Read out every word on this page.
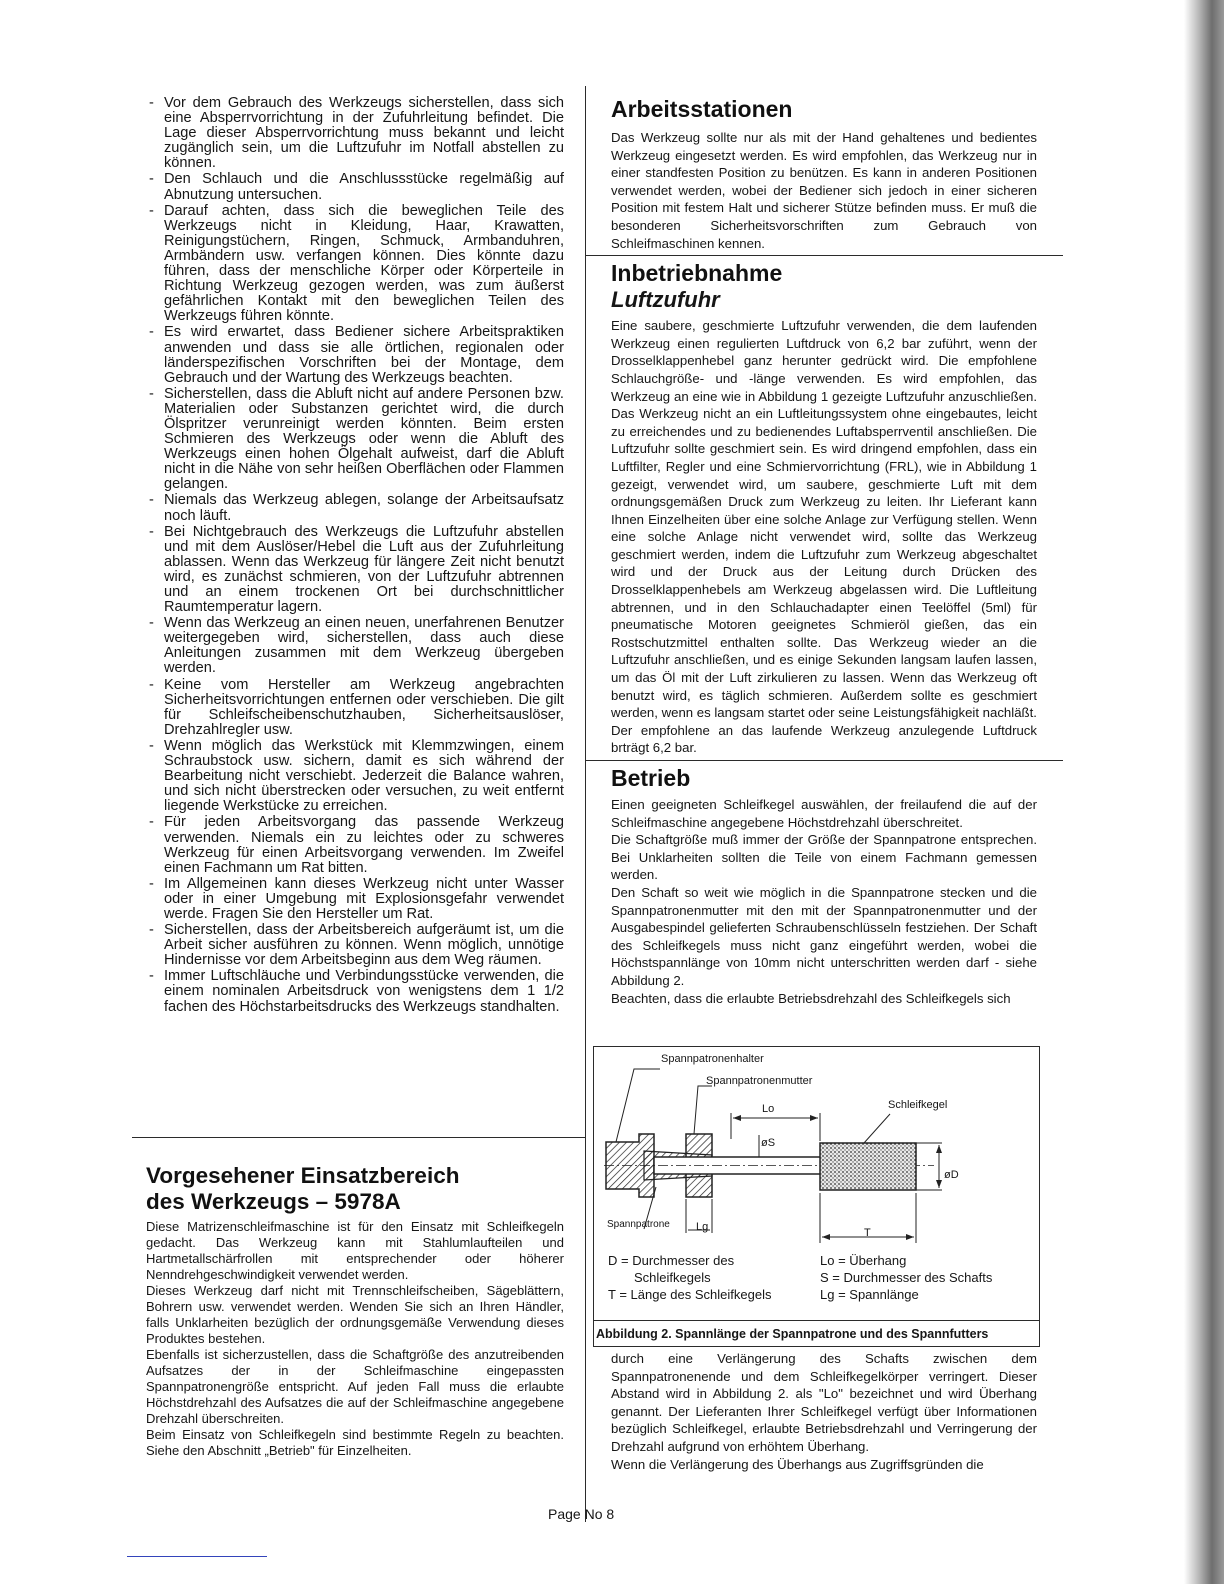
- Vor dem Gebrauch des Werkzeugs sicherstellen, dass sich eine Absperrvorrichtung in der Zufuhrleitung befindet. Die Lage dieser Absperrvorrichtung muss bekannt und leicht zugänglich sein, um die Luftzufuhr im Notfall abstellen zu können.
- Den Schlauch und die Anschlussstücke regelmäßig auf Abnutzung untersuchen.
- Darauf achten, dass sich die beweglichen Teile des Werkzeugs nicht in Kleidung, Haar, Krawatten, Reinigungstüchern, Ringen, Schmuck, Armbanduhren, Armbändern usw. verfangen können. Dies könnte dazu führen, dass der menschliche Körper oder Körperteile in Richtung Werkzeug gezogen werden, was zum äußerst gefährlichen Kontakt mit den beweglichen Teilen des Werkzeugs führen könnte.
- Es wird erwartet, dass Bediener sichere Arbeitspraktiken anwenden und dass sie alle örtlichen, regionalen oder länderspezifischen Vorschriften bei der Montage, dem Gebrauch und der Wartung des Werkzeugs beachten.
- Sicherstellen, dass die Abluft nicht auf andere Personen bzw. Materialien oder Substanzen gerichtet wird, die durch Ölspritzer verunreinigt werden könnten. Beim ersten Schmieren des Werkzeugs oder wenn die Abluft des Werkzeugs einen hohen Ölgehalt aufweist, darf die Abluft nicht in die Nähe von sehr heißen Oberflächen oder Flammen gelangen.
- Niemals das Werkzeug ablegen, solange der Arbeitsaufsatz noch läuft.
- Bei Nichtgebrauch des Werkzeugs die Luftzufuhr abstellen und mit dem Auslöser/Hebel die Luft aus der Zufuhrleitung ablassen. Wenn das Werkzeug für längere Zeit nicht benutzt wird, es zunächst schmieren, von der Luftzufuhr abtrennen und an einem trockenen Ort bei durchschnittlicher Raumtemperatur lagern.
- Wenn das Werkzeug an einen neuen, unerfahrenen Benutzer weitergegeben wird, sicherstellen, dass auch diese Anleitungen zusammen mit dem Werkzeug übergeben werden.
- Keine vom Hersteller am Werkzeug angebrachten Sicherheitsvorrichtungen entfernen oder verschieben. Die gilt für Schleifscheibenschutzhauben, Sicherheitsauslöser, Drehzahlregler usw.
- Wenn möglich das Werkstück mit Klemmzwingen, einem Schraubstock usw. sichern, damit es sich während der Bearbeitung nicht verschiebt. Jederzeit die Balance wahren, und sich nicht überstrecken oder versuchen, zu weit entfernt liegende Werkstücke zu erreichen.
- Für jeden Arbeitsvorgang das passende Werkzeug verwenden. Niemals ein zu leichtes oder zu schweres Werkzeug für einen Arbeitsvorgang verwenden. Im Zweifel einen Fachmann um Rat bitten.
- Im Allgemeinen kann dieses Werkzeug nicht unter Wasser oder in einer Umgebung mit Explosionsgefahr verwendet werde. Fragen Sie den Hersteller um Rat.
- Sicherstellen, dass der Arbeitsbereich aufgeräumt ist, um die Arbeit sicher ausführen zu können. Wenn möglich, unnötige Hindernisse vor dem Arbeitsbeginn aus dem Weg räumen.
- Immer Luftschläuche und Verbindungsstücke verwenden, die einem nominalen Arbeitsdruck von wenigstens dem 1 1/2 fachen des Höchstarbeitsdrucks des Werkzeugs standhalten.
Vorgesehener Einsatzbereich
des Werkzeugs – 5978A

Diese Matrizenschleifmaschine ist für den Einsatz mit Schleifkegeln gedacht. Das Werkzeug kann mit Stahlumlaufteilen und Hartmetallschärfrollen mit entsprechender oder höherer Nenndrehgeschwindigkeit verwendet werden.

Dieses Werkzeug darf nicht mit Trennschleifscheiben, Sägeblättern, Bohrern usw. verwendet werden. Wenden Sie sich an Ihren Händler, falls Unklarheiten bezüglich der ordnungsgemäße Verwendung dieses Produktes bestehen.

Ebenfalls ist sicherzustellen, dass die Schaftgröße des anzutreibenden Aufsatzes der in der Schleifmaschine eingepassten Spannpatronengröße entspricht. Auf jeden Fall muss die erlaubte Höchstdrehzahl des Aufsatzes die auf der Schleifmaschine angegebene Drehzahl überschreiten.

Beim Einsatz von Schleifkegeln sind bestimmte Regeln zu beachten. Siehe den Abschnitt „Betrieb" für Einzelheiten.

Arbeitsstationen

Das Werkzeug sollte nur als mit der Hand gehaltenes und bedientes Werkzeug eingesetzt werden. Es wird empfohlen, das Werkzeug nur in einer standfesten Position zu benützen. Es kann in anderen Positionen verwendet werden, wobei der Bediener sich jedoch in einer sicheren Position mit festem Halt und sicherer Stütze befinden muss. Er muß die besonderen Sicherheitsvorschriften zum Gebrauch von Schleifmaschinen kennen.

Inbetriebnahme
Luftzufuhr

Eine saubere, geschmierte Luftzufuhr verwenden, die dem laufenden Werkzeug einen regulierten Luftdruck von 6,2 bar zuführt, wenn der Drosselklappenhebel ganz herunter gedrückt wird. Die empfohlene Schlauchgröße- und -länge verwenden. Es wird empfohlen, das Werkzeug an eine wie in Abbildung 1 gezeigte Luftzufuhr anzuschließen. Das Werkzeug nicht an ein Luftleitungssystem ohne eingebautes, leicht zu erreichendes und zu bedienendes Luftabsperrventil anschließen. Die Luftzufuhr sollte geschmiert sein. Es wird dringend empfohlen, dass ein Luftfilter, Regler und eine Schmiervorrichtung (FRL), wie in Abbildung 1 gezeigt, verwendet wird, um saubere, geschmierte Luft mit dem ordnungsgemäßen Druck zum Werkzeug zu leiten. Ihr Lieferant kann Ihnen Einzelheiten über eine solche Anlage zur Verfügung stellen. Wenn eine solche Anlage nicht verwendet wird, sollte das Werkzeug geschmiert werden, indem die Luftzufuhr zum Werkzeug abgeschaltet wird und der Druck aus der Leitung durch Drücken des Drosselklappenhebels am Werkzeug abgelassen wird. Die Luftleitung abtrennen, und in den Schlauchadapter einen Teelöffel (5ml) für pneumatische Motoren geeignetes Schmieröl gießen, das ein Rostschutzmittel enthalten sollte. Das Werkzeug wieder an die Luftzufuhr anschließen, und es einige Sekunden langsam laufen lassen, um das Öl mit der Luft zirkulieren zu lassen. Wenn das Werkzeug oft benutzt wird, es täglich schmieren. Außerdem sollte es geschmiert werden, wenn es langsam startet oder seine Leistungsfähigkeit nachläßt.

Der empfohlene an das laufende Werkzeug anzulegende Luftdruck brträgt 6,2 bar.

Betrieb

Einen geeigneten Schleifkegel auswählen, der freilaufend die auf der Schleifmaschine angegebene Höchstdrehzahl überschreitet.

Die Schaftgröße muß immer der Größe der Spannpatrone entsprechen. Bei Unklarheiten sollten die Teile von einem Fachmann gemessen werden.

Den Schaft so weit wie möglich in die Spannpatrone stecken und die Spannpatronenmutter mit den mit der Spannpatronenmutter und der Ausgabespindel gelieferten Schraubenschlüsseln festziehen. Der Schaft des Schleifkegels muss nicht ganz eingeführt werden, wobei die Höchstspannlänge von 10mm nicht unterschritten werden darf - siehe Abbildung 2.

Beachten, dass die erlaubte Betriebsdrehzahl des Schleifkegels sich

Spannpatronenhalter
Spannpatronenmutter
Lo	Schleifkegel
øS
øD
Spannpatrone Lg	T
D = Durchmesser des
Schleifkegels
T = Länge des Schleifkegels
Lo = Überhang
S = Durchmesser des Schafts
Lg = Spannlänge
Abbildung 2. Spannlänge der Spannpatrone und des Spannfutters

durch eine Verlängerung des Schafts zwischen dem Spannpatronenende und dem Schleifkegelkörper verringert. Dieser Abstand wird in Abbildung 2. als "Lo" bezeichnet und wird Überhang genannt. Der Lieferanten Ihrer Schleifkegel verfügt über Informationen bezüglich Schleifkegel, erlaubte Betriebsdrehzahl und Verringerung der Drehzahl aufgrund von erhöhtem Überhang.

Wenn die Verlängerung des Überhangs aus Zugriffsgründen die

Page No 8
